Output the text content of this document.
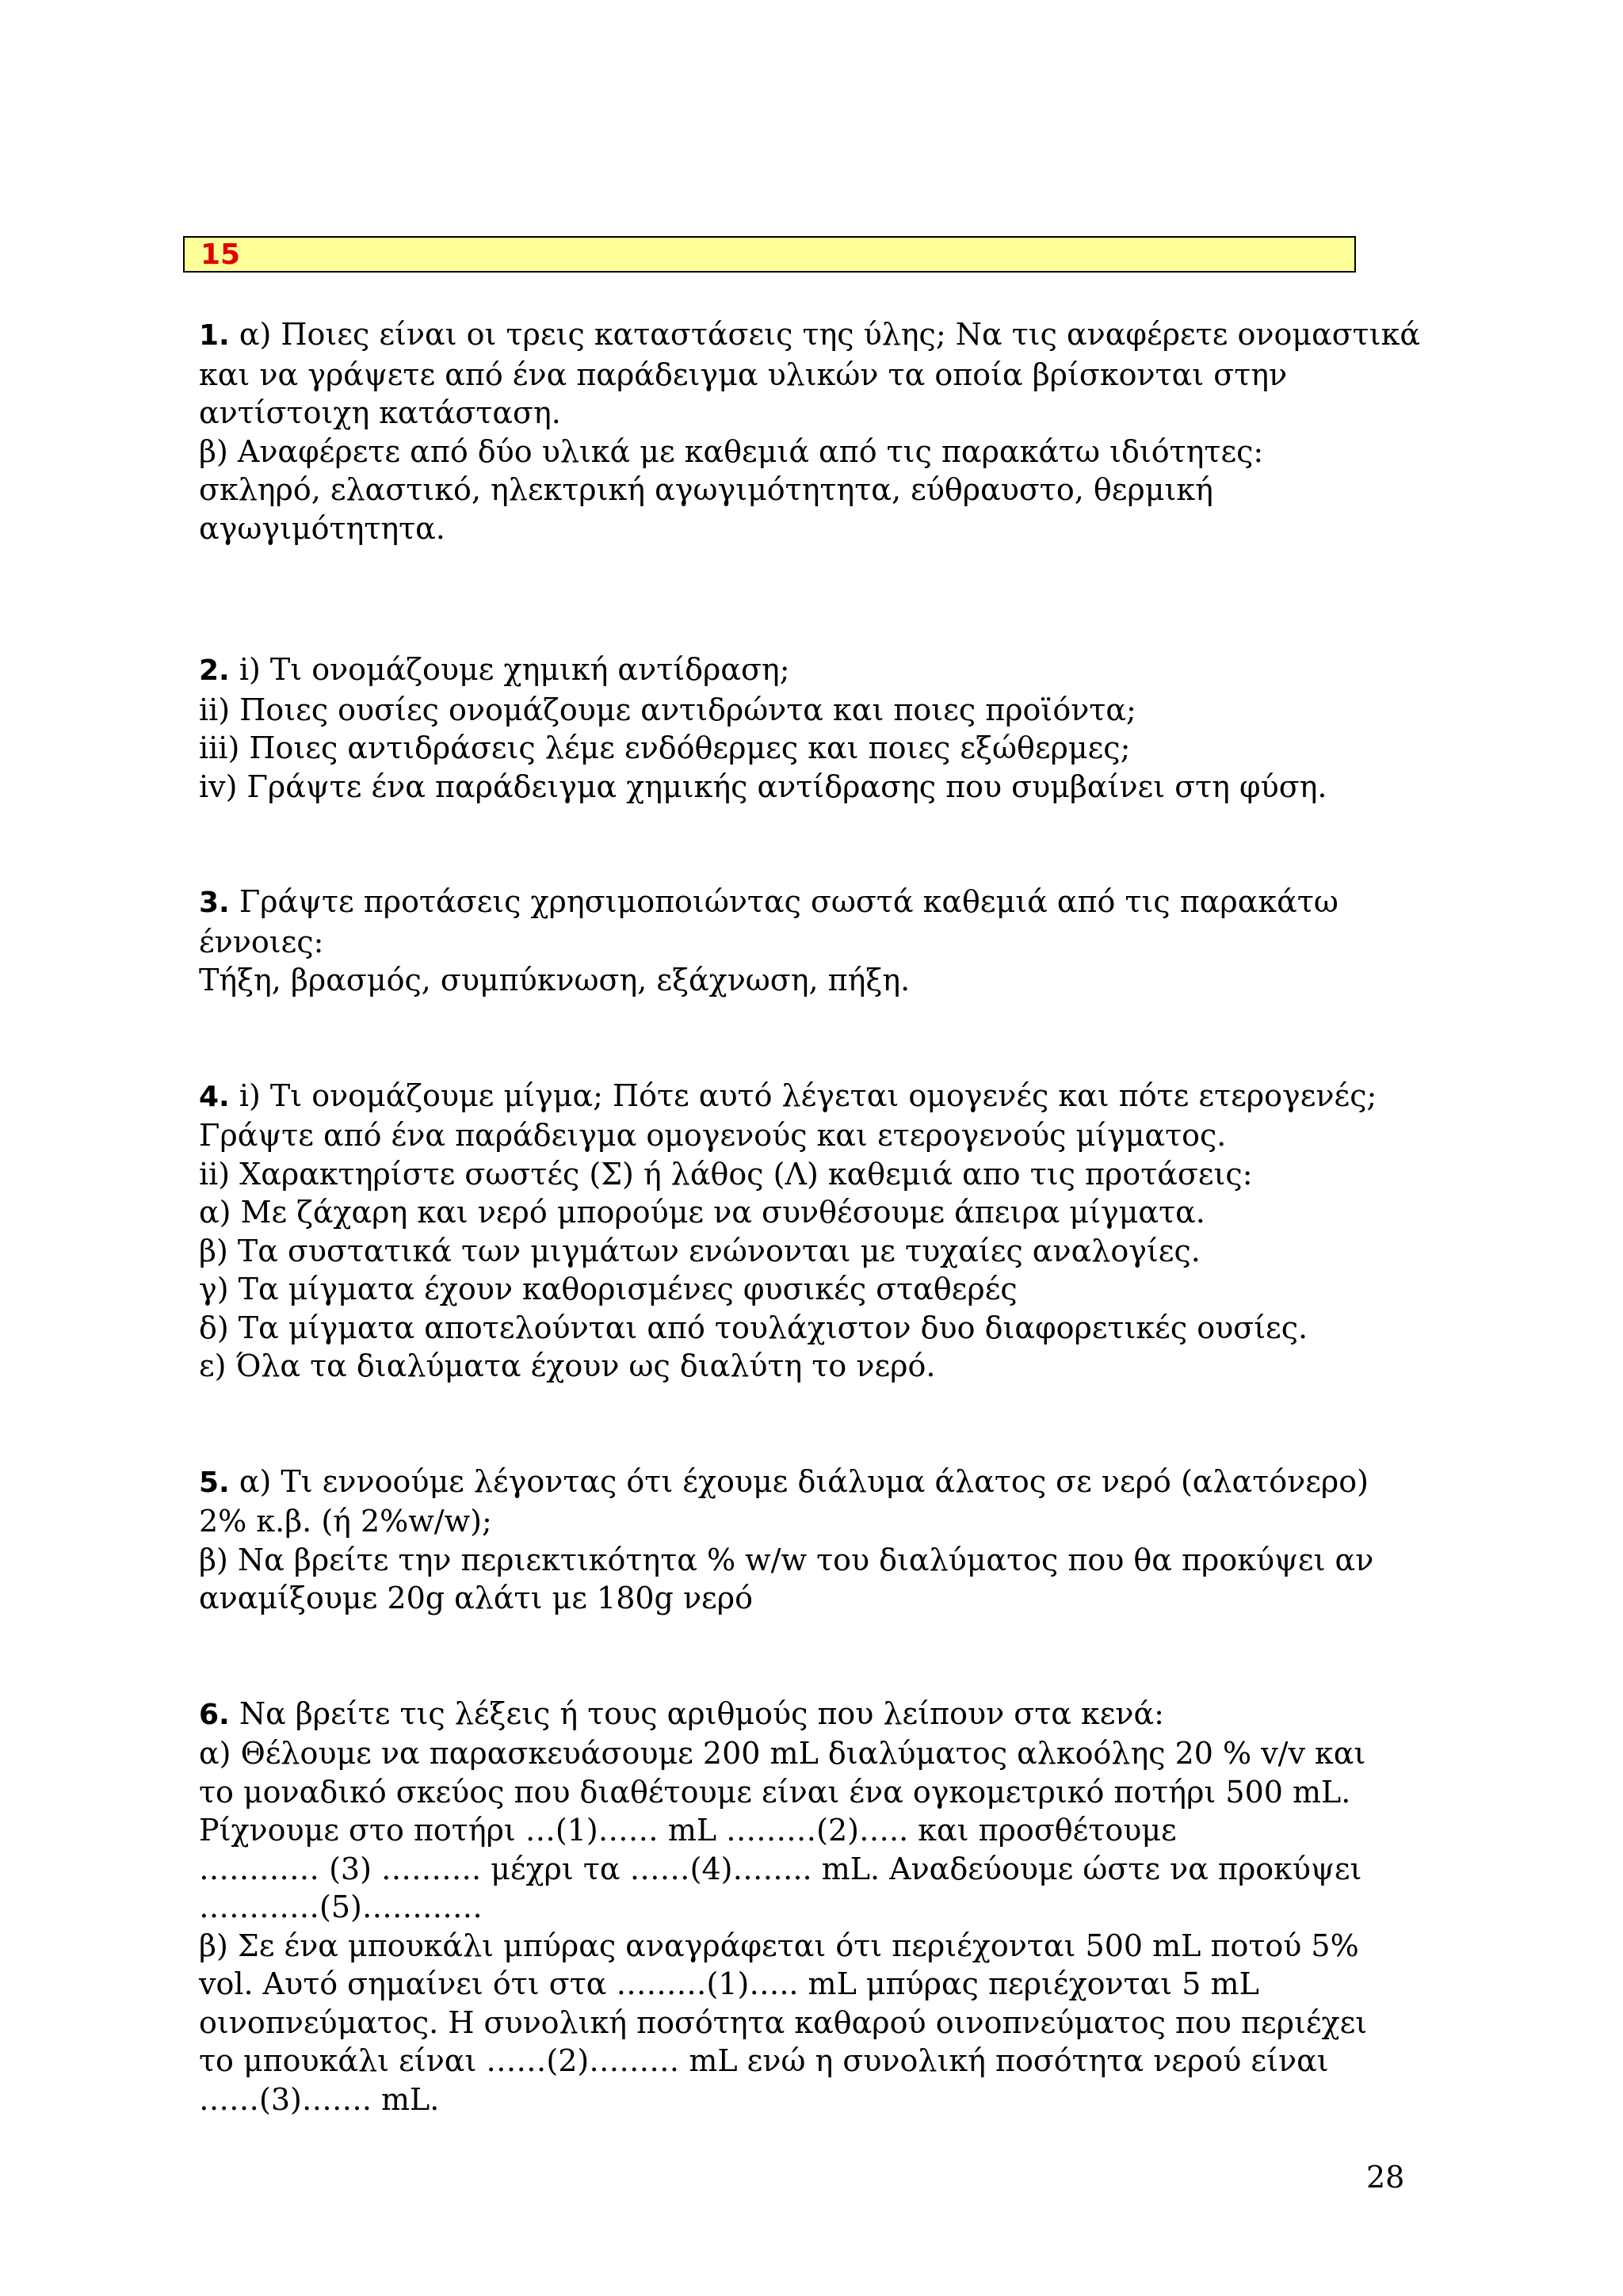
15
1. α) Ποιες είναι οι τρεις καταστάσεις της ύλης; Να τις αναφέρετε ονομαστικά
και να γράψετε από ένα παράδειγμα υλικών τα οποία βρίσκονται στην
αντίστοιχη κατάσταση.
β) Αναφέρετε από δύο υλικά με καθεμιά από τις παρακάτω ιδιότητες:
σκληρό, ελαστικό, ηλεκτρική αγωγιμότητητα, εύθραυστο, θερμική
αγωγιμότητητα.
2. i) Τι ονομάζουμε χημική αντίδραση;
ii) Ποιες ουσίες ονομάζουμε αντιδρώντα και ποιες προϊόντα;
iii) Ποιες αντιδράσεις λέμε ενδόθερμες και ποιες εξώθερμες;
iv) Γράψτε ένα παράδειγμα χημικής αντίδρασης που συμβαίνει στη φύση.
3. Γράψτε προτάσεις χρησιμοποιώντας σωστά καθεμιά από τις παρακάτω
έννοιες:
Τήξη, βρασμός, συμπύκνωση, εξάχνωση, πήξη.
4. i) Τι ονομάζουμε μίγμα; Πότε αυτό λέγεται ομογενές και πότε ετερογενές;
Γράψτε από ένα παράδειγμα ομογενούς και ετερογενούς μίγματος.
ii) Χαρακτηρίστε σωστές (Σ) ή λάθος (Λ) καθεμιά απο τις προτάσεις:
α) Με ζάχαρη και νερό μπορούμε να συνθέσουμε άπειρα μίγματα.
β) Τα συστατικά των μιγμάτων ενώνονται με τυχαίες αναλογίες.
γ) Τα μίγματα έχουν καθορισμένες φυσικές σταθερές
δ) Τα μίγματα αποτελούνται από τουλάχιστον δυο διαφορετικές ουσίες.
ε) Όλα τα διαλύματα έχουν ως διαλύτη το νερό.
5. α) Τι εννοούμε λέγοντας ότι έχουμε διάλυμα άλατος σε νερό (αλατόνερο)
2% κ.β. (ή 2%w/w);
β) Να βρείτε την περιεκτικότητα % w/w του διαλύματος που θα προκύψει αν
αναμίξουμε 20g αλάτι με 180g νερό
6. Να βρείτε τις λέξεις ή τους αριθμούς που λείπουν στα κενά:
α) Θέλουμε να παρασκευάσουμε 200 mL διαλύματος αλκοόλης 20 % v/v και
το μοναδικό σκεύος που διαθέτουμε είναι ένα ογκομετρικό ποτήρι 500 mL.
Ρίχνουμε στο ποτήρι …(1)…… mL ………(2)….. και προσθέτουμε
………… (3) ………. μέχρι τα ……(4)…….. mL. Αναδεύουμε ώστε να προκύψει
…………(5)…………
β) Σε ένα μπουκάλι μπύρας αναγράφεται ότι περιέχονται 500 mL ποτού 5%
vol. Αυτό σημαίνει ότι στα ………(1)….. mL μπύρας περιέχονται 5 mL
οινοπνεύματος. Η συνολική ποσότητα καθαρού οινοπνεύματος που περιέχει
το μπουκάλι είναι ……(2)……… mL ενώ η συνολική ποσότητα νερού είναι
……(3)……. mL.
28
